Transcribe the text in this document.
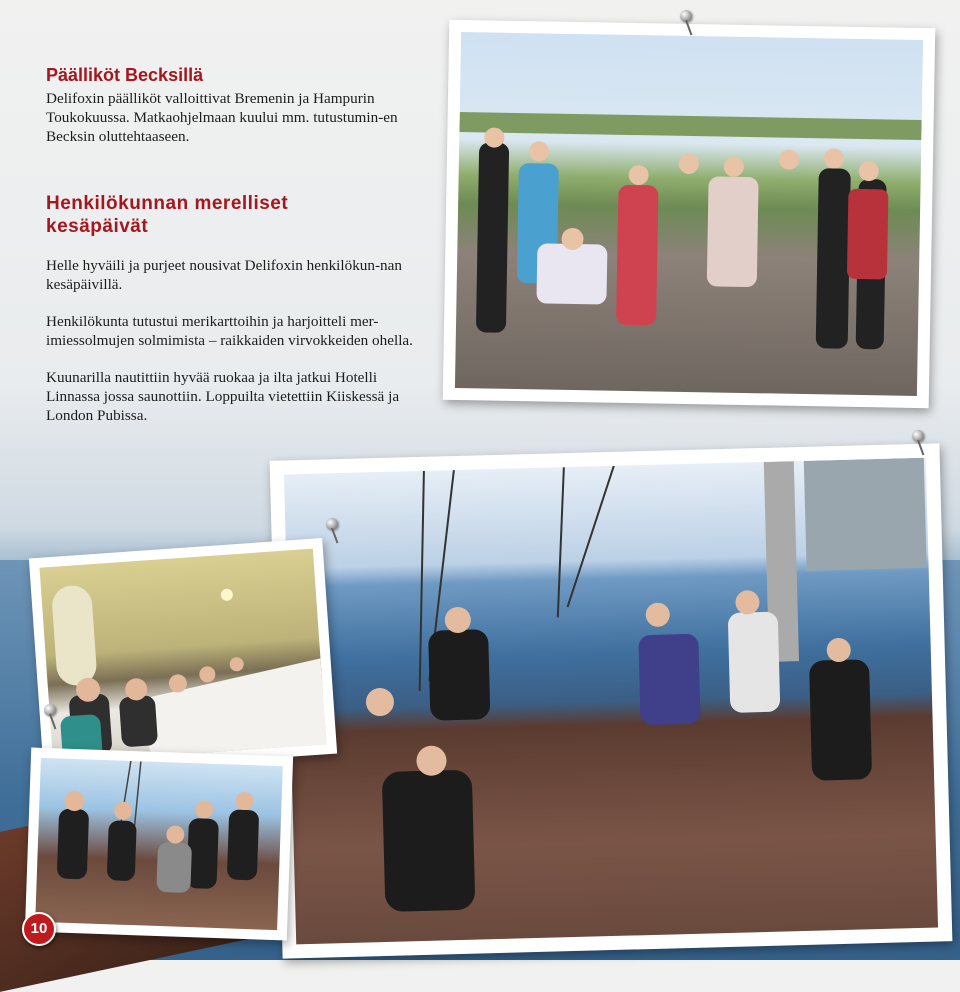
Päälliköt Becksillä

Delifoxin päälliköt valloittivat Bremenin ja Hampurin Toukokuussa. Matkaohjelmaan kuului mm. tutustumin-en Becksin oluttehtaaseen.

Henkilökunnan merelliset kesäpäivät

Helle hyväili ja purjeet nousivat Delifoxin henkilökun-nan kesäpäivillä.

Henkilökunta tutustui merikarttoihin ja harjoitteli mer-imiessolmujen solmimista – raikkaiden virvokkeiden ohella.

Kuunarilla nautittiin hyvää ruokaa ja ilta jatkui Hotelli Linnassa jossa saunottiin. Loppuilta vietettiin Kiiskessä ja London Pubissa.

10
